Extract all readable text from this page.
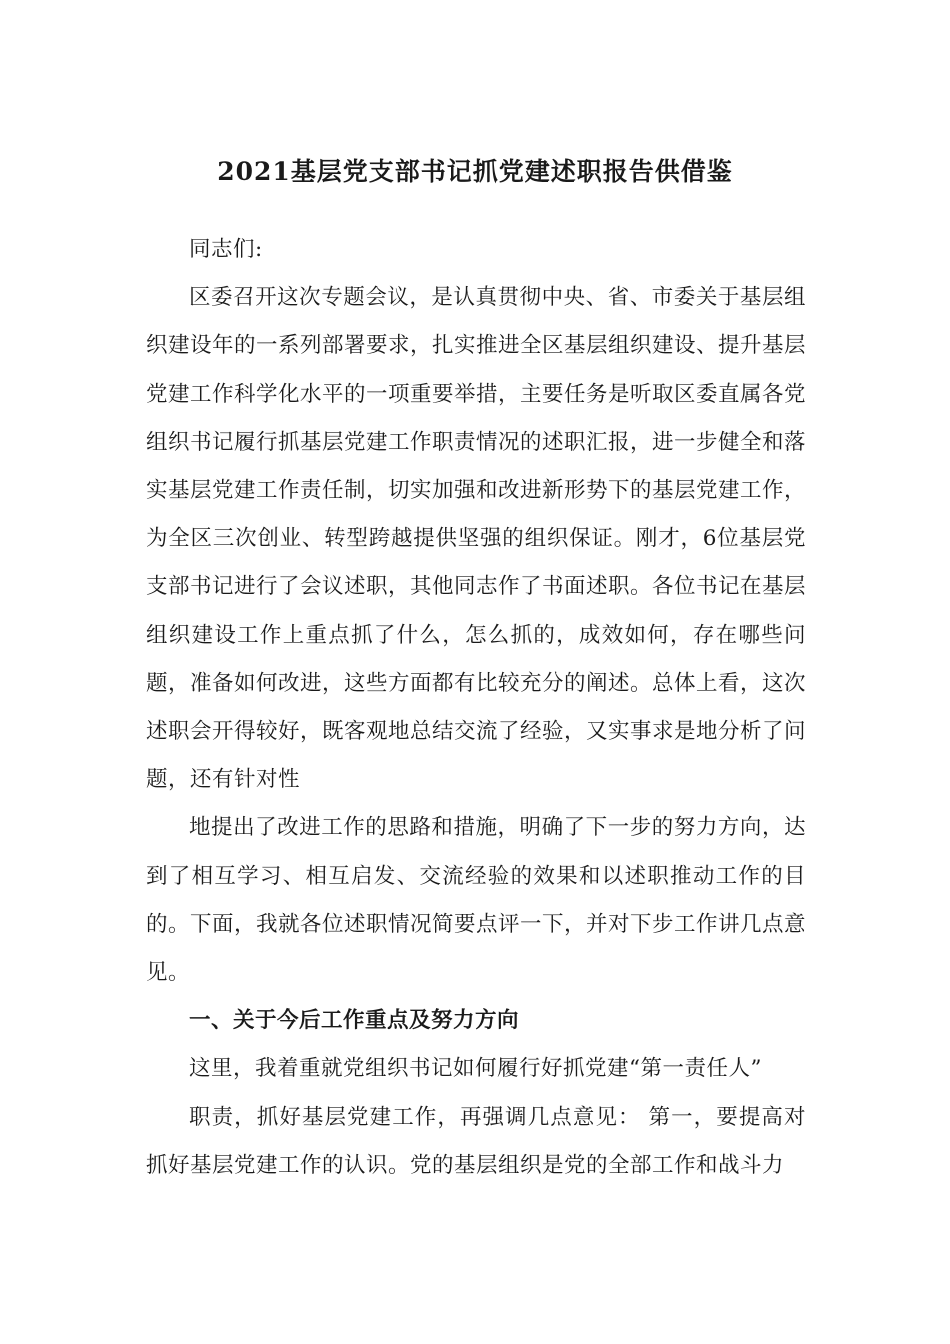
2021基层党支部书记抓党建述职报告供借鉴

同志们:

区委召开这次专题会议，是认真贯彻中央、省、市委关于基层组织建设年的一系列部署要求，扎实推进全区基层组织建设、提升基层党建工作科学化水平的一项重要举措，主要任务是听取区委直属各党组织书记履行抓基层党建工作职责情况的述职汇报，进一步健全和落实基层党建工作责任制，切实加强和改进新形势下的基层党建工作，为全区三次创业、转型跨越提供坚强的组织保证。刚才，6位基层党支部书记进行了会议述职，其他同志作了书面述职。各位书记在基层组织建设工作上重点抓了什么，怎么抓的，成效如何，存在哪些问题，准备如何改进，这些方面都有比较充分的阐述。总体上看，这次述职会开得较好，既客观地总结交流了经验，又实事求是地分析了问题，还有针对性

地提出了改进工作的思路和措施，明确了下一步的努力方向，达到了相互学习、相互启发、交流经验的效果和以述职推动工作的目的。下面，我就各位述职情况简要点评一下，并对下步工作讲几点意见。

一、关于今后工作重点及努力方向

这里，我着重就党组织书记如何履行好抓党建“第一责任人”

职责，抓好基层党建工作，再强调几点意见： 第一，要提高对抓好基层党建工作的认识。党的基层组织是党的全部工作和战斗力
